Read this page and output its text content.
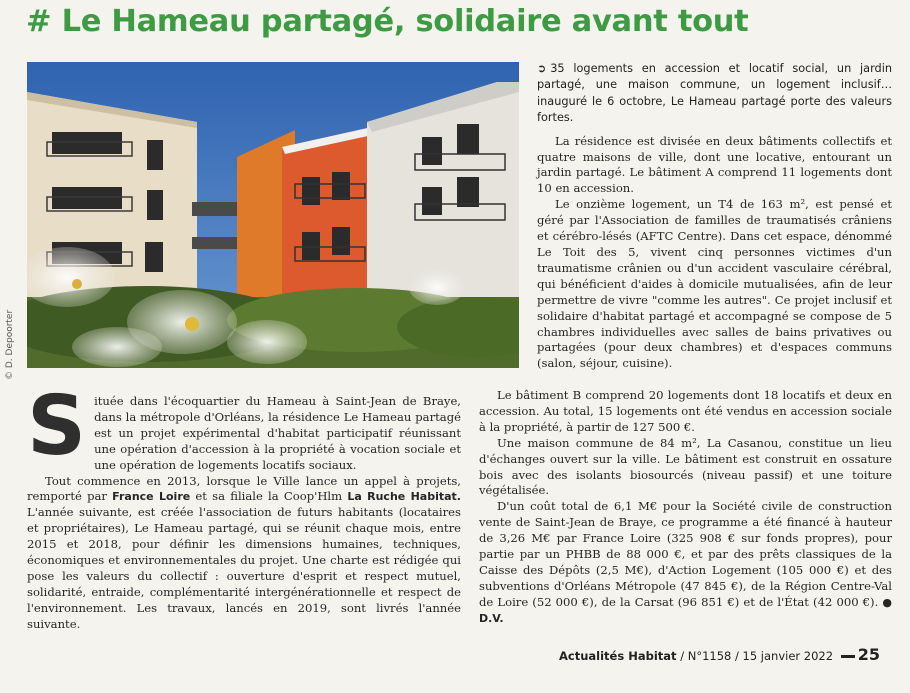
# Le Hameau partagé, solidaire avant tout
© D. Depoorter

➲ 35 logements en accession et locatif social, un jardin partagé, une maison commune, un logement inclusif… inauguré le 6 octobre, Le Hameau partagé porte des valeurs fortes.

La résidence est divisée en deux bâtiments collectifs et quatre maisons de ville, dont une locative, entourant un jardin partagé. Le bâtiment A comprend 11 logements dont 10 en accession.

Le onzième logement, un T4 de 163 m², est pensé et géré par l'Association de familles de traumatisés crâniens et cérébro-lésés (AFTC Centre). Dans cet espace, dénommé Le Toit des 5, vivent cinq personnes victimes d'un traumatisme crânien ou d'un accident vasculaire cérébral, qui bénéficient d'aides à domicile mutualisées, afin de leur permettre de vivre "comme les autres". Ce projet inclusif et solidaire d'habitat partagé et accompagné se compose de 5 chambres individuelles avec salles de bains privatives ou partagées (pour deux chambres) et d'espaces communs (salon, séjour, cuisine).

Le bâtiment B comprend 20 logements dont 18 locatifs et deux en accession. Au total, 15 logements ont été vendus en accession sociale à la propriété, à partir de 127 500 €.

Une maison commune de 84 m², La Casanou, constitue un lieu d'échanges ouvert sur la ville. Le bâtiment est construit en ossature bois avec des isolants biosourcés (niveau passif) et une toiture végétalisée.

D'un coût total de 6,1 M€ pour la Société civile de construction vente de Saint-Jean de Braye, ce programme a été financé à hauteur de 3,26 M€ par France Loire (325 908 € sur fonds propres), pour partie par un PHBB de 88 000 €, et par des prêts classiques de la Caisse des Dépôts (2,5 M€), d'Action Logement (105 000 €) et des subventions d'Orléans Métropole (47 845 €), de la Région Centre-Val de Loire (52 000 €), de la Carsat (96 851 €) et de l'État (42 000 €). ● D.V.

Située dans l'écoquartier du Hameau à Saint-Jean de Braye, dans la métropole d'Orléans, la résidence Le Hameau partagé est un projet expérimental d'habitat participatif réunissant une opération d'accession à la propriété à vocation sociale et une opération de logements locatifs sociaux.

Tout commence en 2013, lorsque le Ville lance un appel à projets, remporté par France Loire et sa filiale la Coop'Hlm La Ruche Habitat. L'année suivante, est créée l'association de futurs habitants (locataires et propriétaires), Le Hameau partagé, qui se réunit chaque mois, entre 2015 et 2018, pour définir les dimensions humaines, techniques, économiques et environnementales du projet. Une charte est rédigée qui pose les valeurs du collectif : ouverture d'esprit et respect mutuel, solidarité, entraide, complémentarité intergénérationnelle et respect de l'environnement. Les travaux, lancés en 2019, sont livrés l'année suivante.

Actualités Habitat / N°1158 / 15 janvier 2022 25
